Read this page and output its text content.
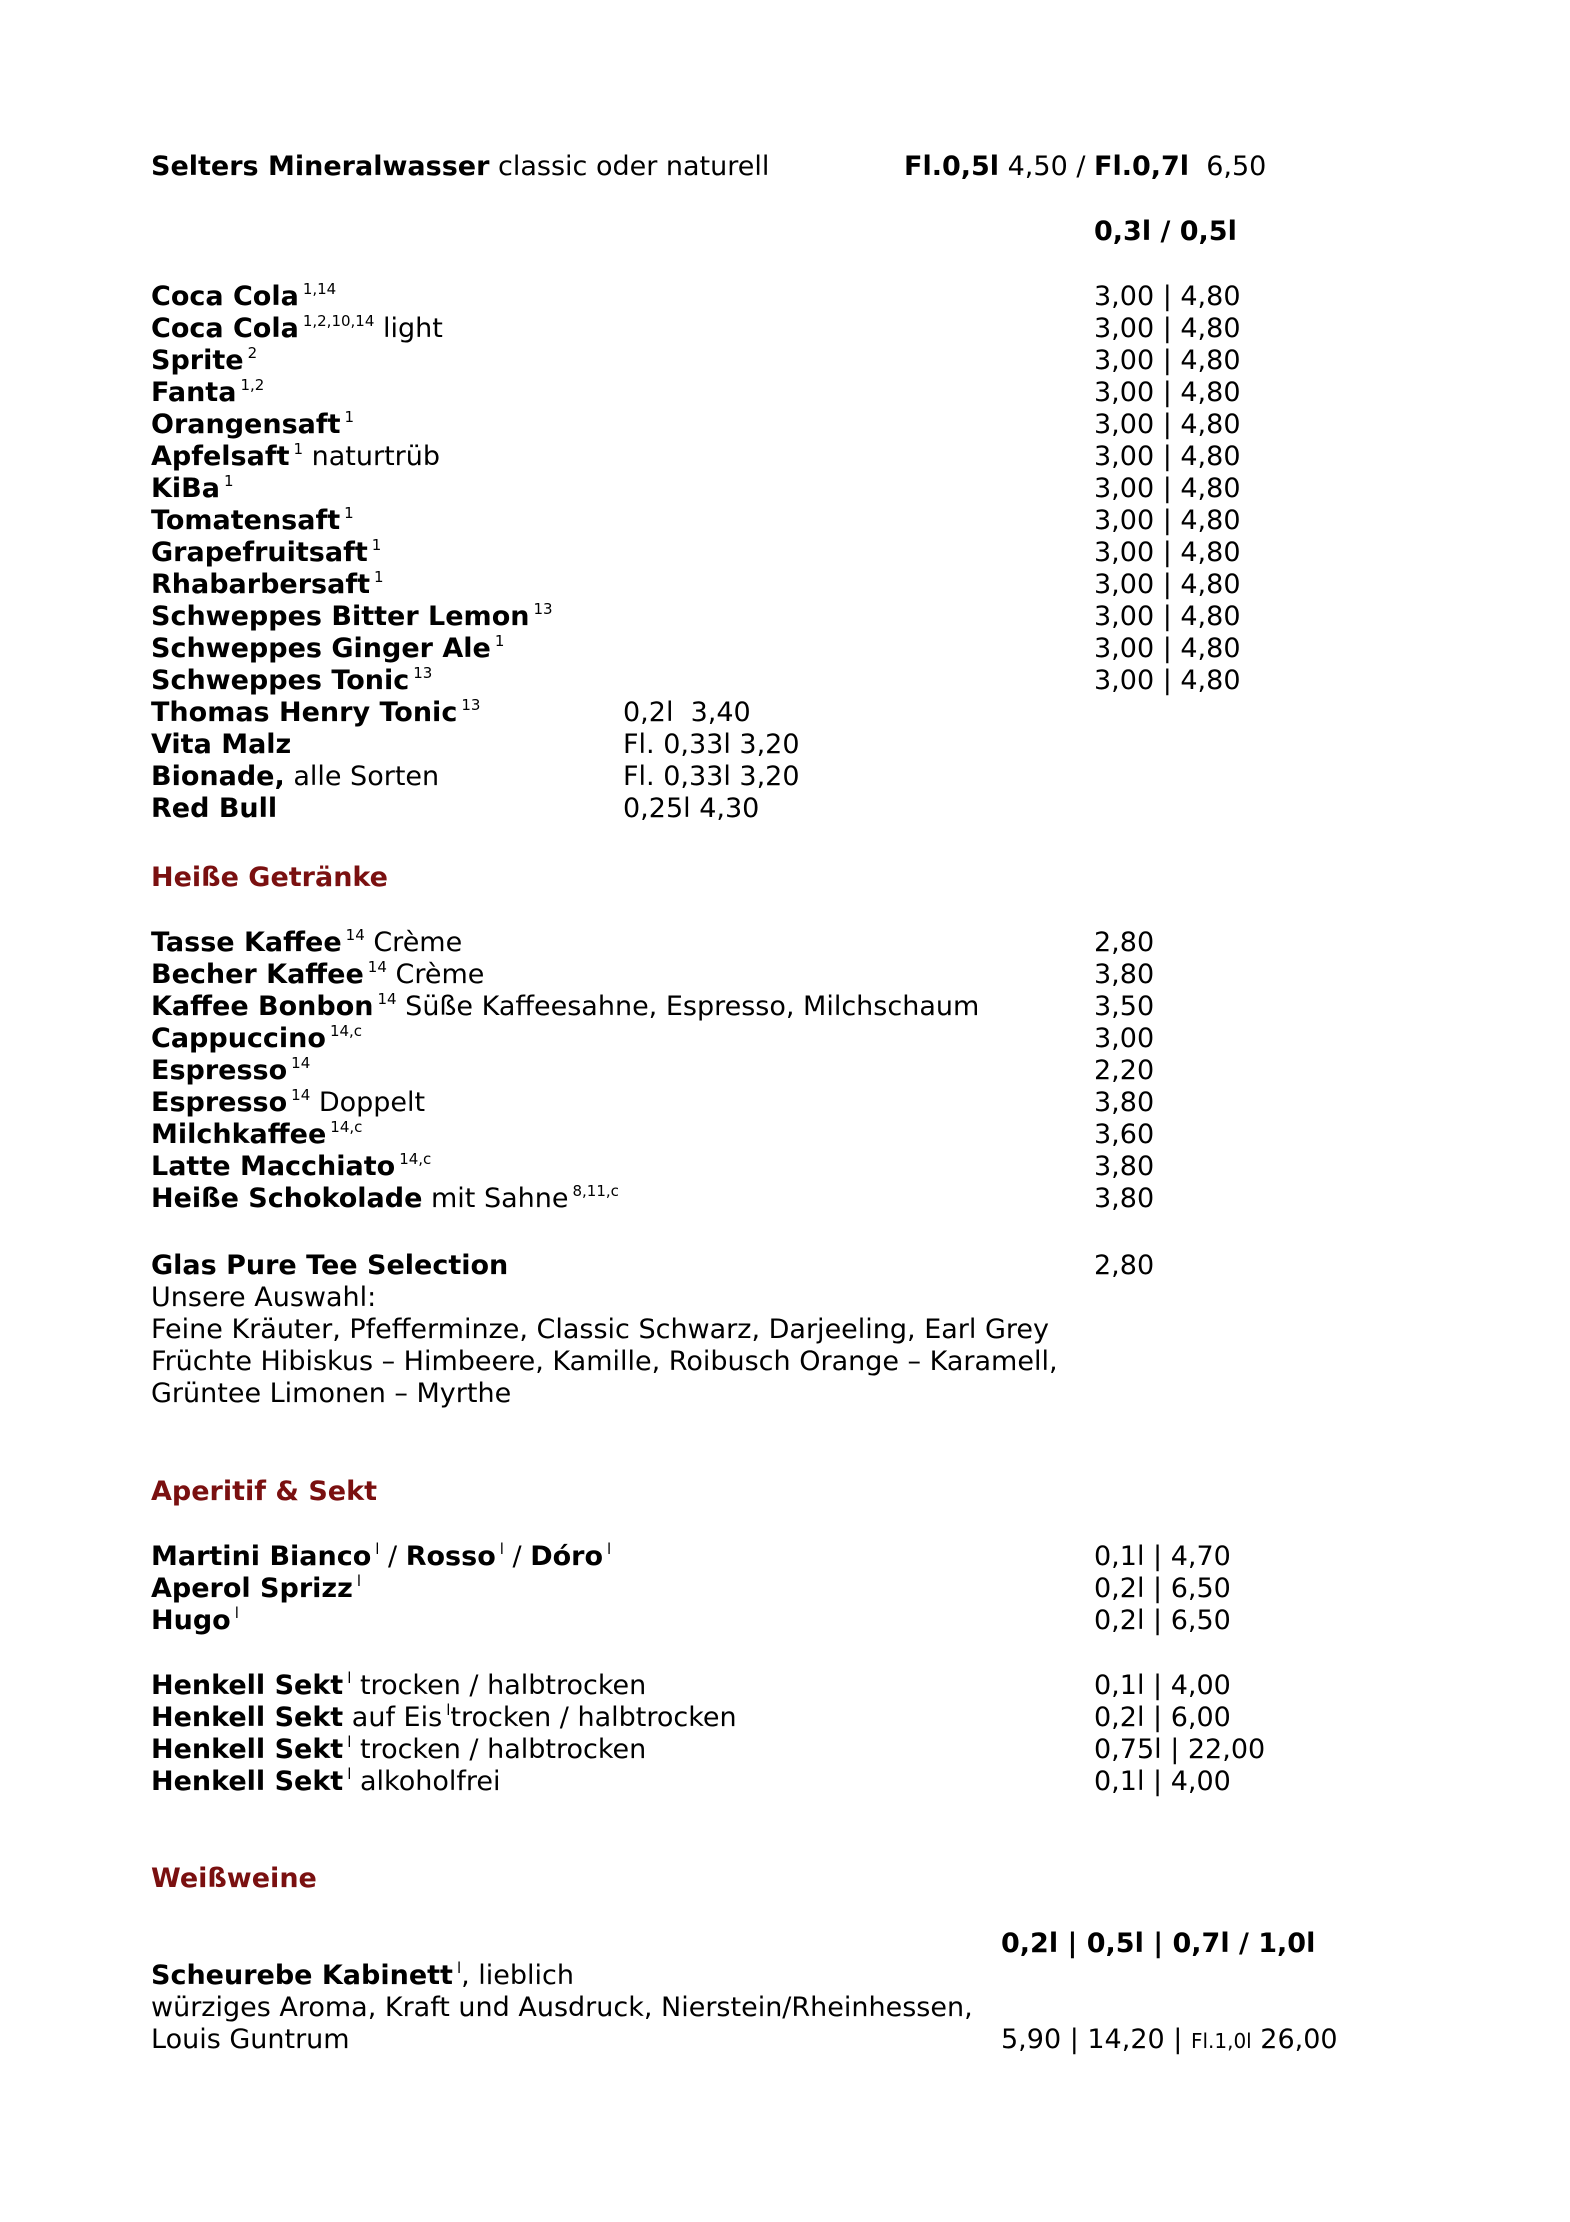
Selters Mineralwasser classic oder naturell	Fl.0,5l 4,50 / Fl.0,7l  6,50
0,3l / 0,5l
Coca Cola $^{1,14}$	3,00 | 4,80
Coca Cola $^{1,2,10,14}$ light	3,00 | 4,80
Sprite $^2$	3,00 | 4,80
Fanta $^{1,2}$	3,00 | 4,80
Orangensaft $^1$	3,00 | 4,80
Apfelsaft $^1$ naturtrüb	3,00 | 4,80
KiBa $^1$	3,00 | 4,80
Tomatensaft $^1$	3,00 | 4,80
Grapefruitsaft $^1$	3,00 | 4,80
Rhabarbersaft $^1$	3,00 | 4,80
Schweppes Bitter Lemon $^{13}$	3,00 | 4,80
Schweppes Ginger Ale $^1$	3,00 | 4,80
Schweppes Tonic $^{13}$	3,00 | 4,80
Thomas Henry Tonic $^{13}$	0,2l  3,40
Vita Malz	Fl. 0,33l 3,20
Bionade, alle Sorten	Fl. 0,33l 3,20
Red Bull	0,25l 4,30
Heiße Getränke
Tasse Kaffee $^{14}$ Crème	2,80
Becher Kaffee $^{14}$ Crème	3,80
Kaffee Bonbon $^{14}$ Süße Kaffeesahne, Espresso, Milchschaum	3,50
Cappuccino $^{14,c}$	3,00
Espresso $^{14}$	2,20
Espresso $^{14}$ Doppelt	3,80
Milchkaffee $^{14,c}$	3,60
Latte Macchiato $^{14,c}$	3,80
Heiße Schokolade mit Sahne $^{8,11,c}$	3,80
Glas Pure Tee Selection	2,80
Unsere Auswahl:
Feine Kräuter, Pfefferminze, Classic Schwarz, Darjeeling, Earl Grey
Früchte Hibiskus – Himbeere, Kamille, Roibusch Orange – Karamell,
Grüntee Limonen – Myrthe
Aperitif & Sekt
Martini Bianco $^l$ / Rosso $^l$ / Dóro $^l$	0,1l | 4,70
Aperol Sprizz $^l$	0,2l | 6,50
Hugo $^l$	0,2l | 6,50
Henkell Sekt $^l$ trocken / halbtrocken	0,1l | 4,00
Henkell Sekt auf Eis $^l$trocken / halbtrocken	0,2l | 6,00
Henkell Sekt $^l$ trocken / halbtrocken	0,75l | 22,00
Henkell Sekt $^l$ alkoholfrei	0,1l | 4,00
Weißweine
0,2l | 0,5l | 0,7l / 1,0l
Scheurebe Kabinett $^l$, lieblich
würziges Aroma, Kraft und Ausdruck, Nierstein/Rheinhessen,
Louis Guntrum	5,90 | 14,20 | Fl.1,0l 26,00
